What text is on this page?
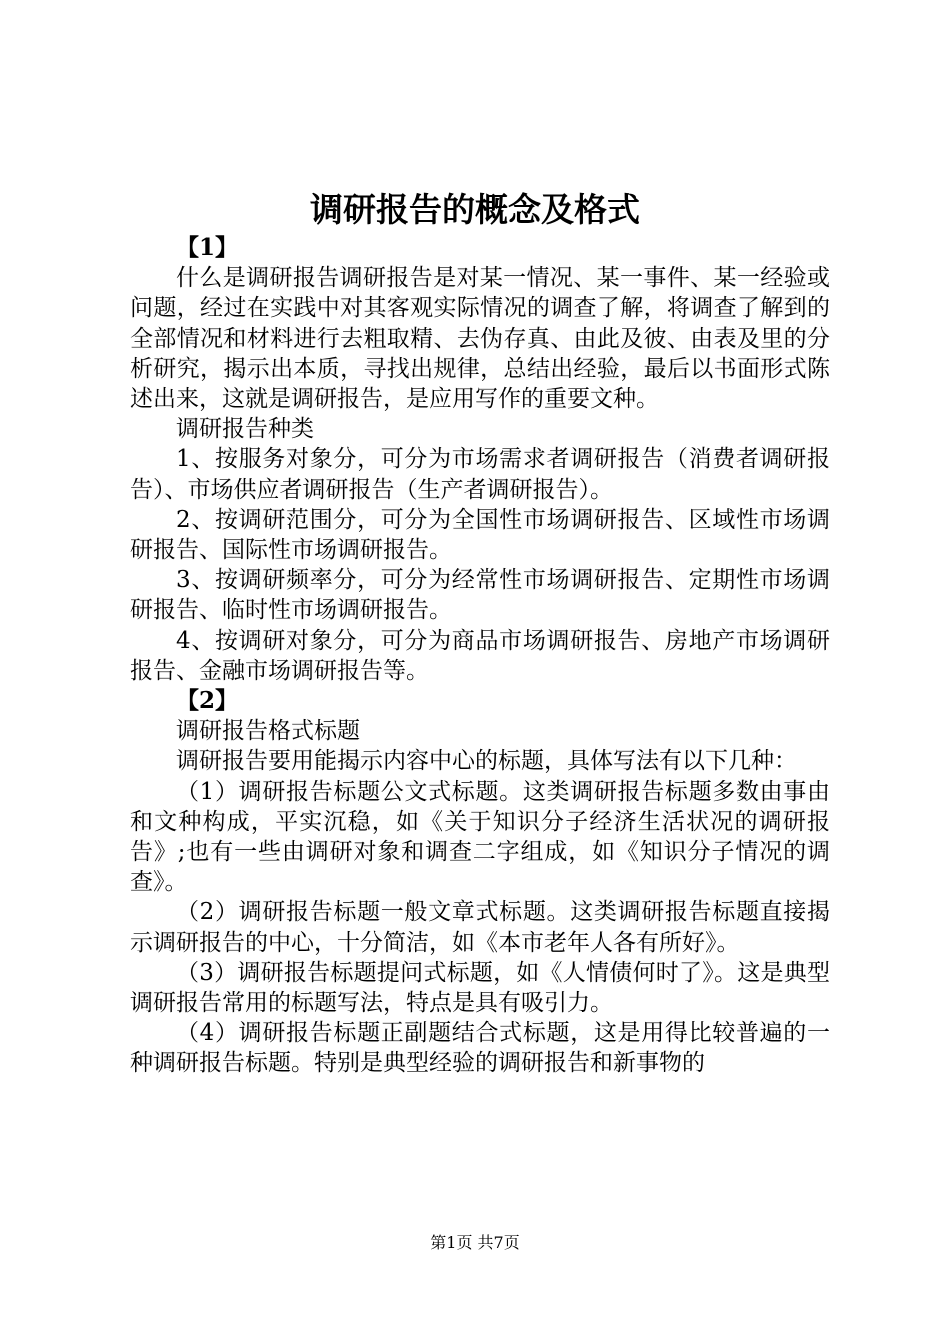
调研报告的概念及格式

【1】

什么是调研报告调研报告是对某一情况、某一事件、某一经验或问题，经过在实践中对其客观实际情况的调查了解，将调查了解到的全部情况和材料进行去粗取精、去伪存真、由此及彼、由表及里的分析研究，揭示出本质，寻找出规律，总结出经验，最后以书面形式陈述出来，这就是调研报告，是应用写作的重要文种。

调研报告种类

1、按服务对象分，可分为市场需求者调研报告（消费者调研报告）、市场供应者调研报告（生产者调研报告）。

2、按调研范围分，可分为全国性市场调研报告、区域性市场调研报告、国际性市场调研报告。

3、按调研频率分，可分为经常性市场调研报告、定期性市场调研报告、临时性市场调研报告。

4、按调研对象分，可分为商品市场调研报告、房地产市场调研报告、金融市场调研报告等。

【2】

调研报告格式标题

调研报告要用能揭示内容中心的标题，具体写法有以下几种：

（1）调研报告标题公文式标题。这类调研报告标题多数由事由和文种构成，平实沉稳，如《关于知识分子经济生活状况的调研报告》;也有一些由调研对象和调查二字组成，如《知识分子情况的调查》。

（2）调研报告标题一般文章式标题。这类调研报告标题直接揭示调研报告的中心，十分简洁，如《本市老年人各有所好》。

（3）调研报告标题提问式标题，如《人情债何时了》。这是典型调研报告常用的标题写法，特点是具有吸引力。

（4）调研报告标题正副题结合式标题，这是用得比较普遍的一种调研报告标题。特别是典型经验的调研报告和新事物的

第1页 共7页
